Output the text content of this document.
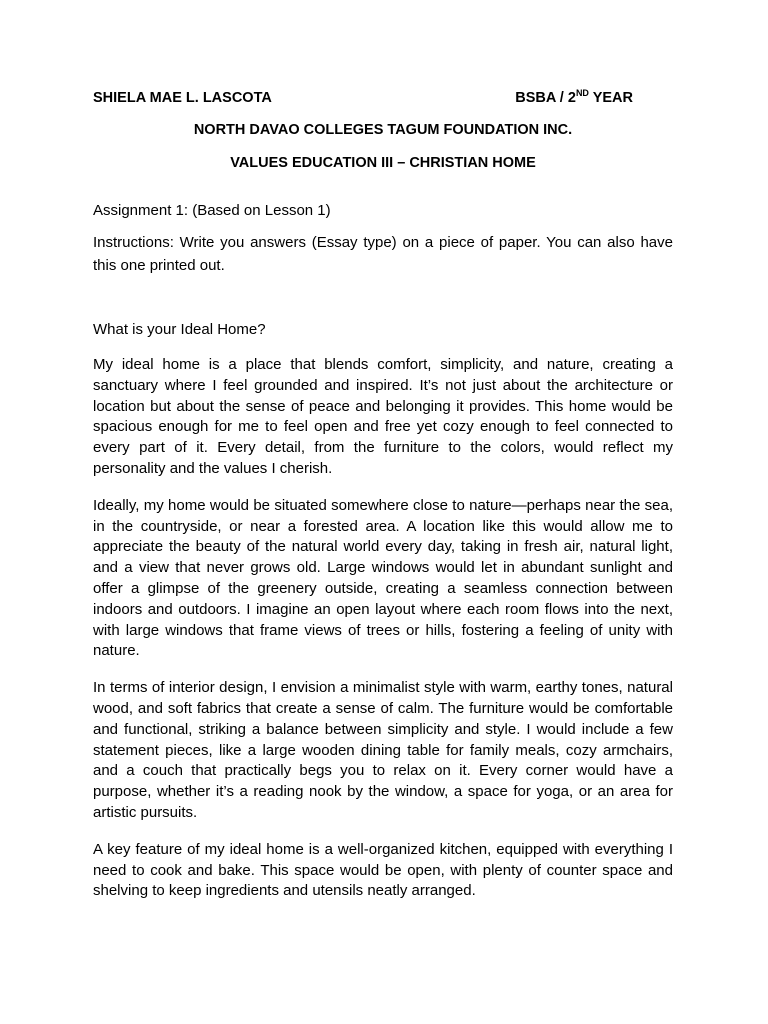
SHIELA MAE L. LASCOTA	BSBA / 2ND YEAR
NORTH DAVAO COLLEGES TAGUM FOUNDATION INC.
VALUES EDUCATION III – CHRISTIAN HOME
Assignment 1: (Based on Lesson 1)
Instructions: Write you answers (Essay type) on a piece of paper. You can also have this one printed out.
What is your Ideal Home?

My ideal home is a place that blends comfort, simplicity, and nature, creating a sanctuary where I feel grounded and inspired. It’s not just about the architecture or location but about the sense of peace and belonging it provides. This home would be spacious enough for me to feel open and free yet cozy enough to feel connected to every part of it. Every detail, from the furniture to the colors, would reflect my personality and the values I cherish.

Ideally, my home would be situated somewhere close to nature—perhaps near the sea, in the countryside, or near a forested area. A location like this would allow me to appreciate the beauty of the natural world every day, taking in fresh air, natural light, and a view that never grows old. Large windows would let in abundant sunlight and offer a glimpse of the greenery outside, creating a seamless connection between indoors and outdoors. I imagine an open layout where each room flows into the next, with large windows that frame views of trees or hills, fostering a feeling of unity with nature.

In terms of interior design, I envision a minimalist style with warm, earthy tones, natural wood, and soft fabrics that create a sense of calm. The furniture would be comfortable and functional, striking a balance between simplicity and style. I would include a few statement pieces, like a large wooden dining table for family meals, cozy armchairs, and a couch that practically begs you to relax on it. Every corner would have a purpose, whether it’s a reading nook by the window, a space for yoga, or an area for artistic pursuits.

A key feature of my ideal home is a well-organized kitchen, equipped with everything I need to cook and bake. This space would be open, with plenty of counter space and shelving to keep ingredients and utensils neatly arranged.
